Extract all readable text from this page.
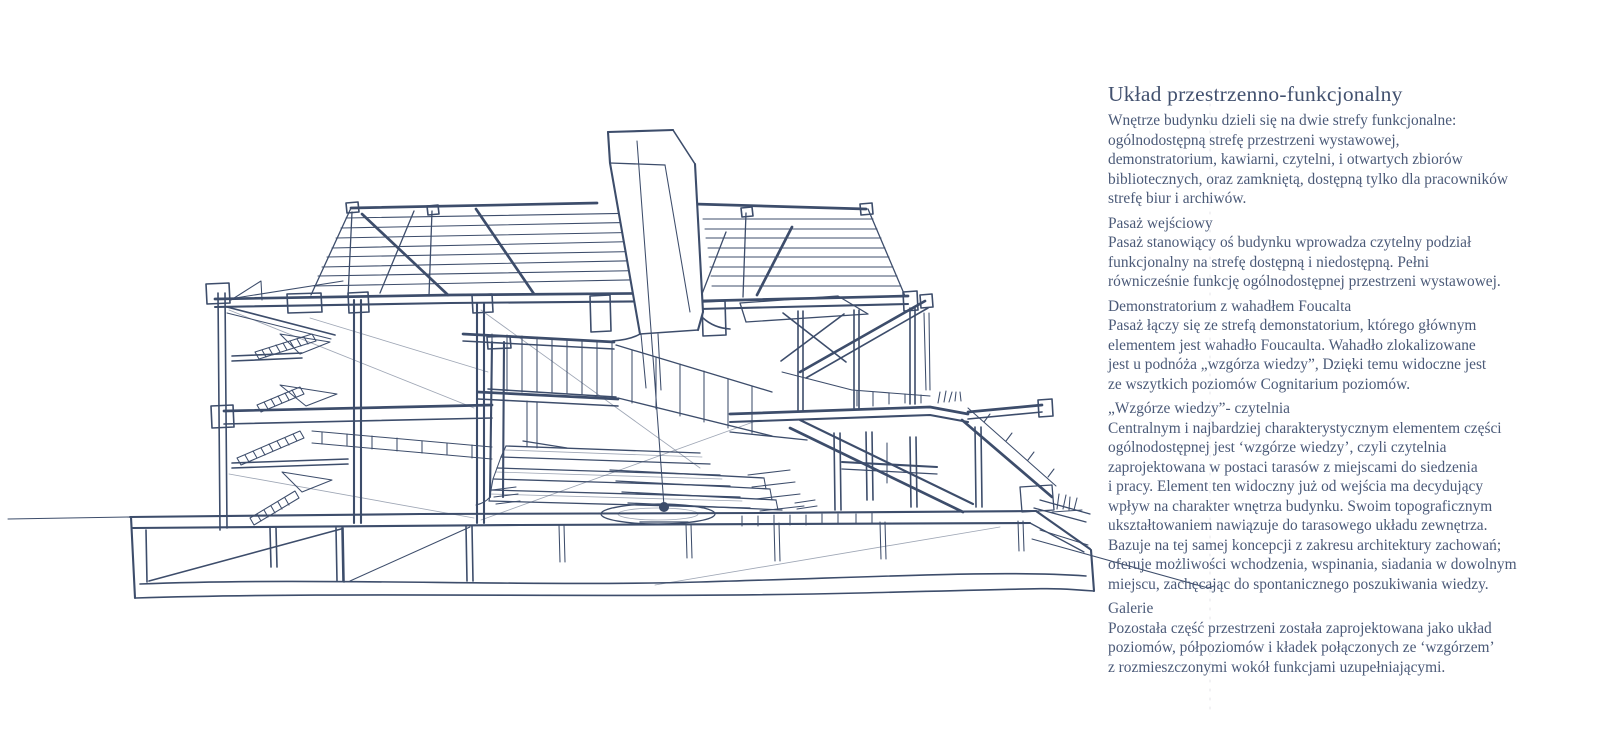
Układ przestrzenno-funkcjonalny
Wnętrze budynku dzieli się na dwie strefy funkcjonalne:
ogólnodostępną strefę przestrzeni wystawowej,
demonstratorium, kawiarni, czytelni, i otwartych zbiorów
bibliotecznych, oraz zamkniętą, dostępną tylko dla pracowników
strefę biur i archiwów.
Pasaż wejściowy
Pasaż stanowiący oś budynku wprowadza czytelny podział
funkcjonalny na strefę dostępną i niedostępną. Pełni
równicześnie funkcję ogólnodostępnej przestrzeni wystawowej.
Demonstratorium z wahadłem Foucalta
Pasaż łączy się ze strefą demonstatorium, którego głównym
elementem jest wahadło Foucaulta. Wahadło zlokalizowane
jest u podnóża „wzgórza wiedzy”, Dzięki temu widoczne jest
ze wszytkich poziomów Cognitarium poziomów.
„Wzgórze wiedzy”- czytelnia
Centralnym i najbardziej charakterystycznym elementem części
ogólnodostępnej jest ‘wzgórze wiedzy’, czyli czytelnia
zaprojektowana w postaci tarasów z miejscami do siedzenia
i pracy. Element ten widoczny już od wejścia ma decydujący
wpływ na charakter wnętrza budynku. Swoim topograficznym
ukształtowaniem nawiązuje do tarasowego układu zewnętrza.
Bazuje na tej samej koncepcji z zakresu architektury zachowań;
oferuje możliwości wchodzenia, wspinania, siadania w dowolnym
miejscu, zachęcając do spontanicznego poszukiwania wiedzy.
Galerie
Pozostała część przestrzeni została zaprojektowana jako układ
poziomów, półpoziomów i kładek połączonych ze ‘wzgórzem’
z rozmieszczonymi wokół funkcjami uzupełniającymi.
